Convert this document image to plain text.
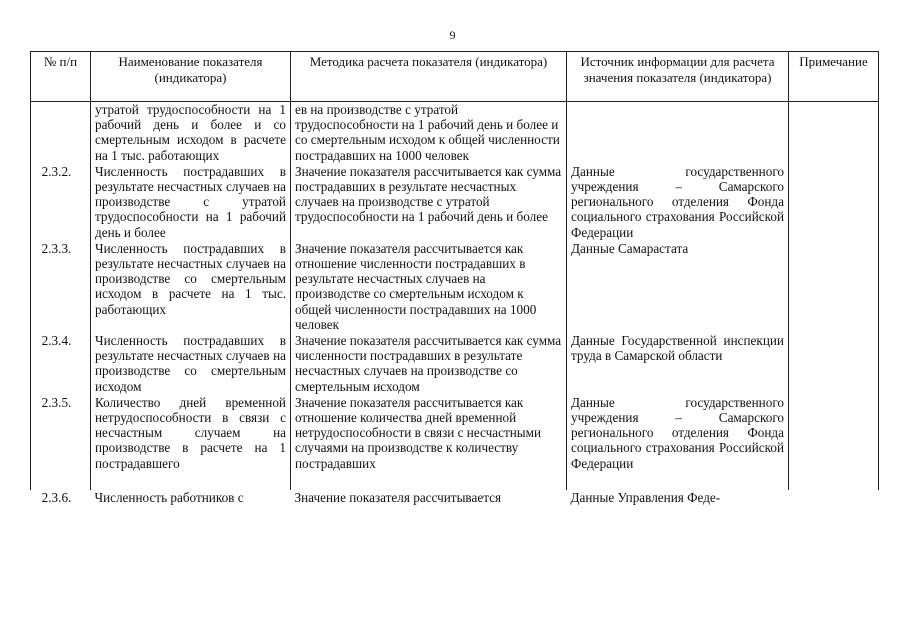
9
№ п/п	Наименование показателя (индикатора)	Методика расчета показателя (индикатора)	Источник информации для расчета значения показателя (индикатора)	Примечание
	утратой трудоспособности на 1 рабочий день и более и со смертельным исходом в расчете на 1 тыс. работающих	ев на производстве с утратой трудоспособности на 1 рабочий день и более и со смертельным исходом к общей численности пострадавших на 1000 человек		
2.3.2.	Численность пострадавших в результате несчастных случаев на производстве с утратой трудоспособности на 1 рабочий день и более	Значение показателя рассчитывается как сумма пострадавших в результате несчастных случаев на производстве с утратой трудоспособности на 1 рабочий день и более	Данные государственного учреждения – Самарского регионального отделения Фонда социального страхования Российской Федерации	
2.3.3.	Численность пострадавших в результате несчастных случаев на производстве со смертельным исходом в расчете на 1 тыс. работающих	Значение показателя рассчитывается как отношение численности пострадавших в результате несчастных случаев на производстве со смертельным исходом к общей численности пострадавших на 1000 человек	Данные Самарастата	
2.3.4.	Численность пострадавших в результате несчастных случаев на производстве со смертельным исходом	Значение показателя рассчитывается как сумма численности пострадавших в результате несчастных случаев на производстве со смертельным исходом	Данные Государственной инспекции труда в Самарской области	
2.3.5.	Количество дней временной нетрудоспособности в связи с несчастным случаем на производстве в расчете на 1 пострадавшего	Значение показателя рассчитывается как отношение количества дней временной нетрудоспособности в связи с несчастными случаями на производстве к количеству пострадавших	Данные государственного учреждения – Самарского регионального отделения Фонда социального страхования Российской Федерации	

2.3.6.	Численность работников с	Значение показателя рассчитывается	Данные Управления Феде-	
